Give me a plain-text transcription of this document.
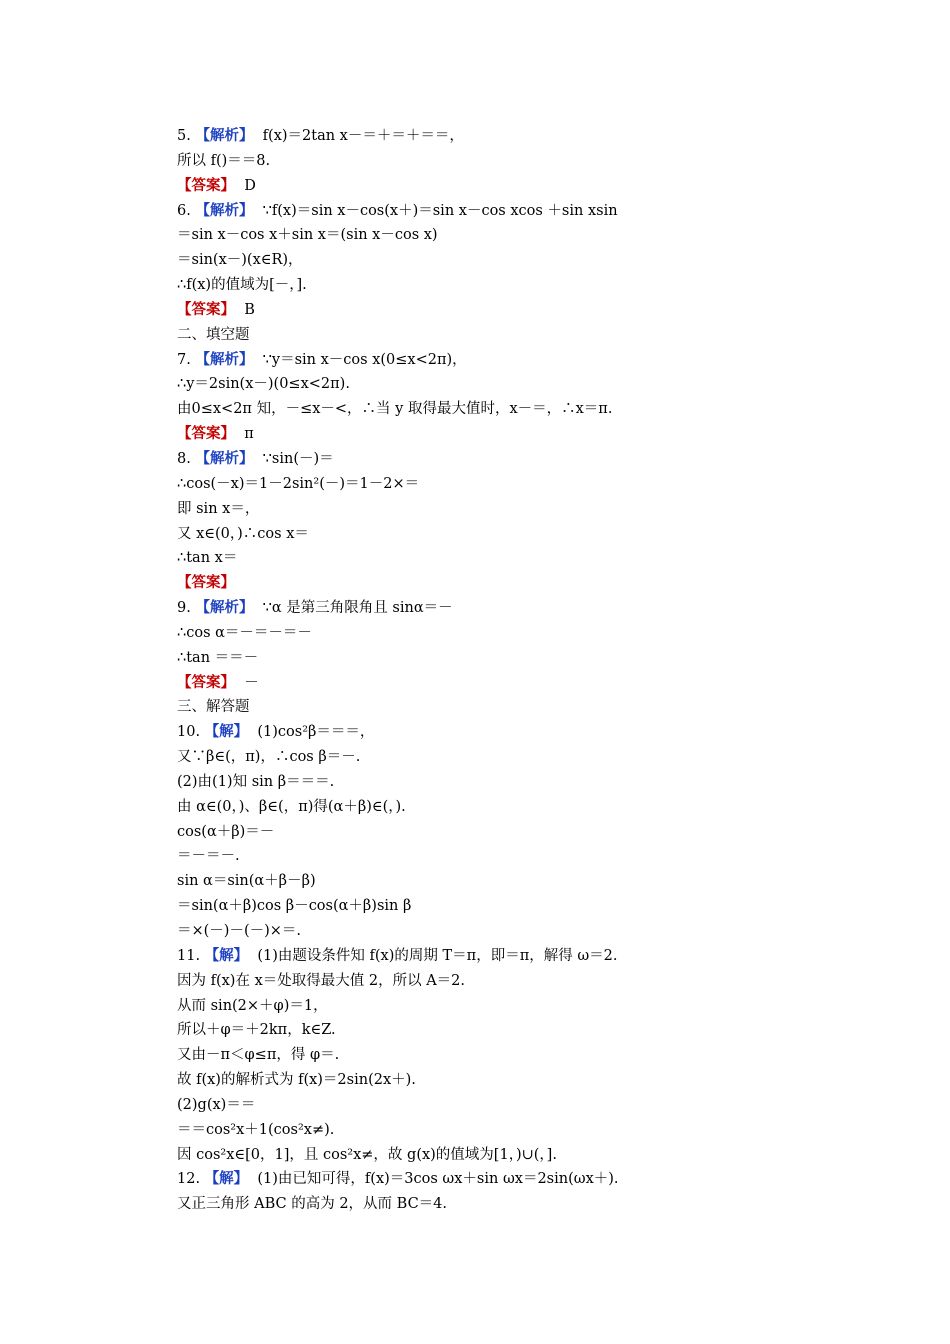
5. 【解析】  f(x)＝2tan x－＝＋＝＋＝＝，
所以 f()＝＝8.
【答案】  D
6. 【解析】  ∵f(x)＝sin x－cos(x＋)＝sin x－cos xcos ＋sin xsin
＝sin x－cos x＋sin x＝(sin x－cos x)
＝sin(x－)(x∈R)，
∴f(x)的值域为[－，].
【答案】  B
二、填空题
7. 【解析】  ∵y＝sin x－cos x(0≤x<2π)，
∴y＝2sin(x－)(0≤x<2π).
由0≤x<2π 知，－≤x－<，∴当 y 取得最大值时，x－＝，∴x＝π.
【答案】  π
8. 【解析】  ∵sin(－)＝
∴cos(－x)＝1－2sin²(－)＝1－2×＝
即 sin x＝，
又 x∈(0，)∴cos x＝
∴tan x＝
【答案】
9. 【解析】  ∵α 是第三角限角且 sinα＝－
∴cos α＝－＝－＝－
∴tan ＝＝－
【答案】  －
三、解答题
10. 【解】  (1)cos²β＝＝＝，
又∵β∈(，π)，∴cos β＝－.
(2)由(1)知 sin β＝＝＝.
由 α∈(0，)、β∈(，π)得(α＋β)∈(，).
cos(α＋β)＝－
＝－＝－.
sin α＝sin(α＋β－β)
＝sin(α＋β)cos β－cos(α＋β)sin β
＝×(－)－(－)×＝.
11. 【解】  (1)由题设条件知 f(x)的周期 T＝π，即＝π，解得 ω＝2.
因为 f(x)在 x＝处取得最大值 2，所以 A＝2.
从而 sin(2×＋φ)＝1，
所以＋φ＝＋2kπ，k∈Z.
又由－π＜φ≤π，得 φ＝.
故 f(x)的解析式为 f(x)＝2sin(2x＋).
(2)g(x)＝＝
＝＝cos²x＋1(cos²x≠).
因 cos²x∈[0，1]，且 cos²x≠，故 g(x)的值域为[1，)∪(，].
12. 【解】  (1)由已知可得，f(x)＝3cos ωx＋sin ωx＝2sin(ωx＋).
又正三角形 ABC 的高为 2，从而 BC＝4.
